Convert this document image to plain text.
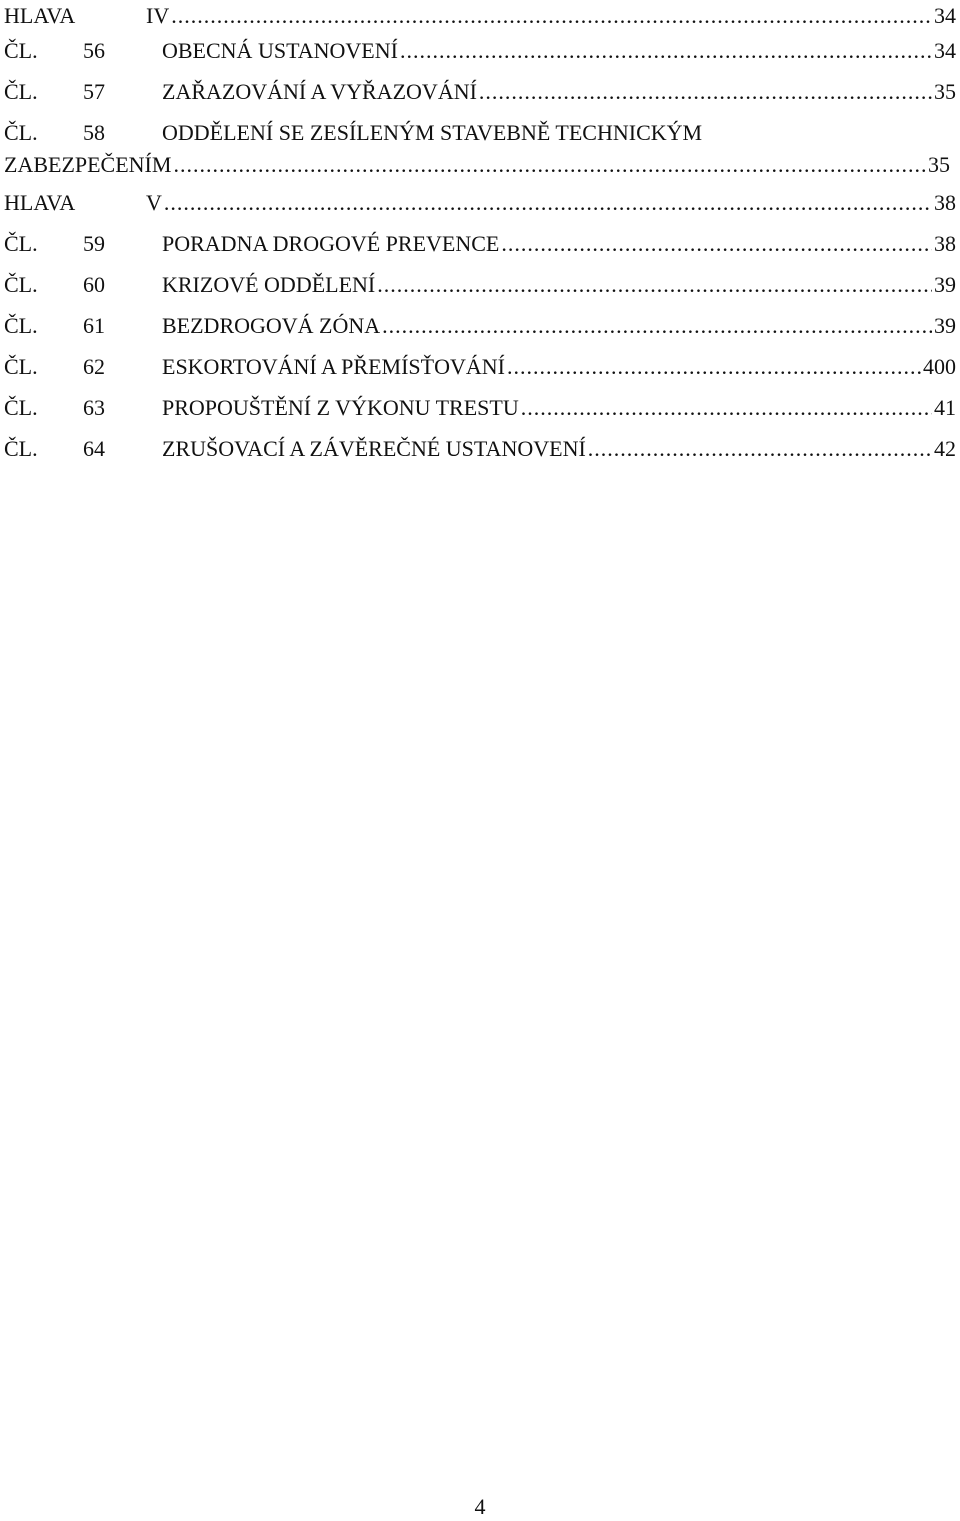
HLAVA	IV .....	34
ČL. 56	OBECNÁ USTANOVENÍ .....	34
ČL. 57	ZAŘAZOVÁNÍ A VYŘAZOVÁNÍ .....	35
ČL. 58	ODDĚLENÍ SE ZESÍLENÝM STAVEBNĚ TECHNICKÝM
ZABEZPEČENÍM .....	35
HLAVA	V .....	38
ČL. 59	PORADNA DROGOVÉ PREVENCE .....	38
ČL. 60	KRIZOVÉ ODDĚLENÍ .....	39
ČL. 61	BEZDROGOVÁ ZÓNA .....	39
ČL. 62	ESKORTOVÁNÍ A PŘEMÍSŤOVÁNÍ .....	400
ČL. 63	PROPOUŠTĚNÍ Z VÝKONU TRESTU .....	41
ČL. 64	ZRUŠOVACÍ A ZÁVĚREČNÉ USTANOVENÍ .....	42
4
